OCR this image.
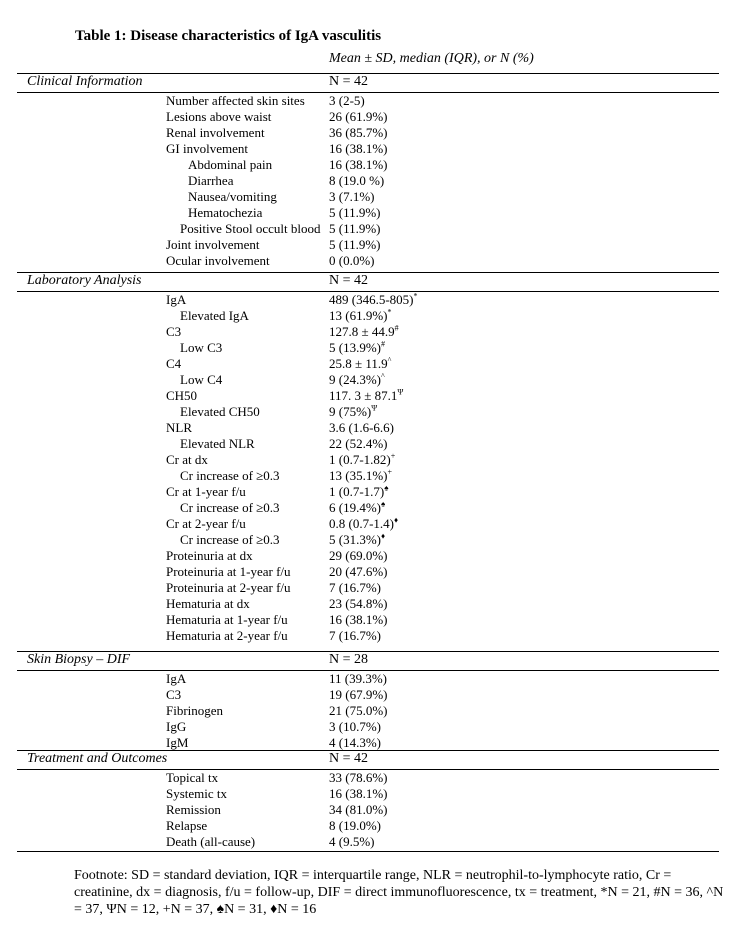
Table 1: Disease characteristics of IgA vasculitis
Mean ± SD, median (IQR), or N (%)
Clinical Information	N = 42
Number affected skin sites 3 (2-5)
Lesions above waist	26 (61.9%)
Renal involvement	36 (85.7%)
GI involvement	16 (38.1%)
Abdominal pain	16 (38.1%)
Diarrhea	8 (19.0 %)
Nausea/vomiting	3 (7.1%)
Hematochezia	5 (11.9%)
Positive Stool occult blood 5 (11.9%)
Joint involvement	5 (11.9%)
Ocular involvement	0 (0.0%)
Laboratory Analysis	N = 42
IgA	489 (346.5-805)*
Elevated IgA	13 (61.9%)*
C3	127.8 ± 44.9#
Low C3	5 (13.9%)#
C4	25.8 ± 11.9^
Low C4	9 (24.3%)^
CH50	117. $3 \pm 87.1^\Psi$
Elevated CH50	9 $(75\%)^\Psi$
NLR	3.6 (1.6-6.6)
Elevated NLR	22 (52.4%)
Cr at dx	1 (0.7-1.82)+
Cr increase of ≥0.3	13 (35.1%)+
Cr at 1-year f/u	1 (0.7-1.7)♠
Cr increase of ≥0.3	6 (19.4%)♠
Cr at 2-year f/u	0.8 (0.7-1.4)♦
Cr increase of ≥0.3	5 (31.3%)♦
Proteinuria at dx	29 (69.0%)
Proteinuria at 1-year f/u	20 (47.6%)
Proteinuria at 2-year f/u	7 (16.7%)
Hematuria at dx	23 (54.8%)
Hematuria at 1-year f/u	16 (38.1%)
Hematuria at 2-year f/u	7 (16.7%)
Skin Biopsy – DIF	N = 28
IgA	11 (39.3%)
C3	19 (67.9%)
Fibrinogen	21 (75.0%)
IgG	3 (10.7%)
IgM	4 (14.3%)
Treatment and Outcomes	N = 42
Topical tx	33 (78.6%)
Systemic tx	16 (38.1%)
Remission	34 (81.0%)
Relapse	8 (19.0%)
Death (all-cause)	4 (9.5%)
Footnote: SD = standard deviation, IQR = interquartile range, NLR = neutrophil-to-lymphocyte ratio, Cr = creatinine, dx = diagnosis, f/u = follow-up, DIF = direct immunofluorescence, tx = treatment, *N = 21, #N = 36, ^N = 37, ΨN = 12, +N = 37, ♠N = 31, ♦N = 16
